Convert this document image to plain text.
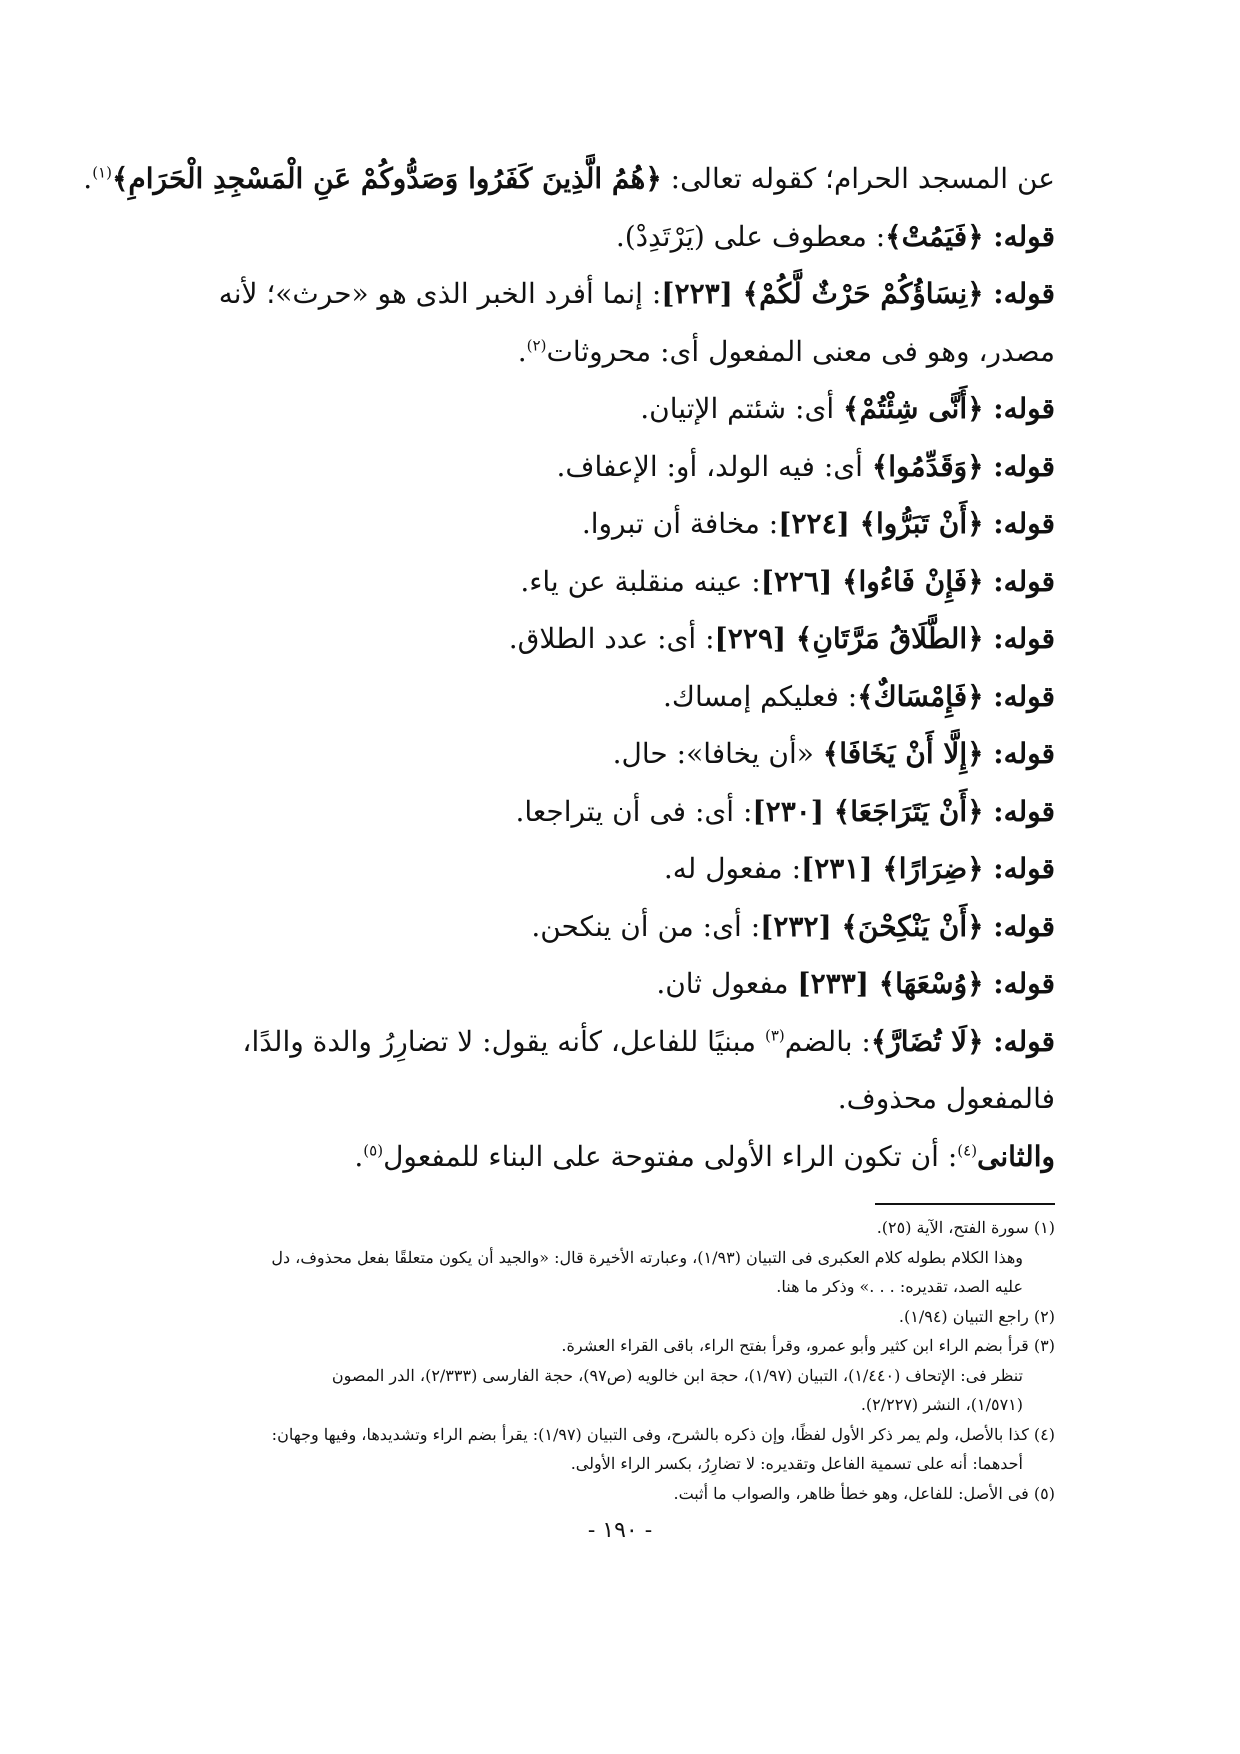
عن المسجد الحرام؛ كقوله تعالى: ﴿هُمُ الَّذِينَ كَفَرُوا وَصَدُّوكُمْ عَنِ الْمَسْجِدِ الْحَرَامِ﴾$^{(١)}$.
قوله: ﴿فَيَمُتْ﴾: معطوف على (يَرْتَدِدْ).
قوله: ﴿نِسَاؤُكُمْ حَرْثٌ لَّكُمْ﴾ [٢٢٣]: إنما أفرد الخبر الذى هو «حرث»؛ لأنه
مصدر، وهو فى معنى المفعول أى: محروثات$^{(٢)}$.
قوله: ﴿أَنَّى شِئْتُمْ﴾ أى: شئتم الإتيان.
قوله: ﴿وَقَدِّمُوا﴾ أى: فيه الولد، أو: الإعفاف.
قوله: ﴿أَنْ تَبَرُّوا﴾ [٢٢٤]: مخافة أن تبروا.
قوله: ﴿فَإِنْ فَاءُوا﴾ [٢٢٦]: عينه منقلبة عن ياء.
قوله: ﴿الطَّلَاقُ مَرَّتَانِ﴾ [٢٢٩]: أى: عدد الطلاق.
قوله: ﴿فَإِمْسَاكٌ﴾: فعليكم إمساك.
قوله: ﴿إِلَّا أَنْ يَخَافَا﴾ «أن يخافا»: حال.
قوله: ﴿أَنْ يَتَرَاجَعَا﴾ [٢٣٠]: أى: فى أن يتراجعا.
قوله: ﴿ضِرَارًا﴾ [٢٣١]: مفعول له.
قوله: ﴿أَنْ يَنْكِحْنَ﴾ [٢٣٢]: أى: من أن ينكحن.
قوله: ﴿وُسْعَهَا﴾ [٢٣٣] مفعول ثان.
قوله: ﴿لَا تُضَارَّ﴾: بالضم$^{(٣)}$ مبنيًا للفاعل، كأنه يقول: لا تضارِرُ والدة والدًا،
فالمفعول محذوف.
والثانى$^{(٤)}$: أن تكون الراء الأولى مفتوحة على البناء للمفعول$^{(٥)}$.
(١) سورة الفتح، الآية (٢٥).
وهذا الكلام بطوله كلام العكبرى فى التبيان (١/٩٣)، وعبارته الأخيرة قال: «والجيد أن يكون متعلقًا بفعل محذوف، دل
عليه الصد، تقديره: . . .» وذكر ما هنا.
(٢) راجع التبيان (١/٩٤).
(٣) قرأ بضم الراء ابن كثير وأبو عمرو، وقرأ بفتح الراء، باقى القراء العشرة.
تنظر فى: الإتحاف (١/٤٤٠)، التبيان (١/٩٧)، حجة ابن خالويه (ص٩٧)، حجة الفارسى (٢/٣٣٣)، الدر المصون
(١/٥٧١)، النشر (٢/٢٢٧).
(٤) كذا بالأصل، ولم يمر ذكر الأول لفظًا، وإن ذكره بالشرح، وفى التبيان (١/٩٧): يقرأ بضم الراء وتشديدها، وفيها وجهان:
أحدهما: أنه على تسمية الفاعل وتقديره: لا تضارِرُ، بكسر الراء الأولى.
(٥) فى الأصل: للفاعل، وهو خطأ ظاهر، والصواب ما أثبت.
- ١٩٠ -
